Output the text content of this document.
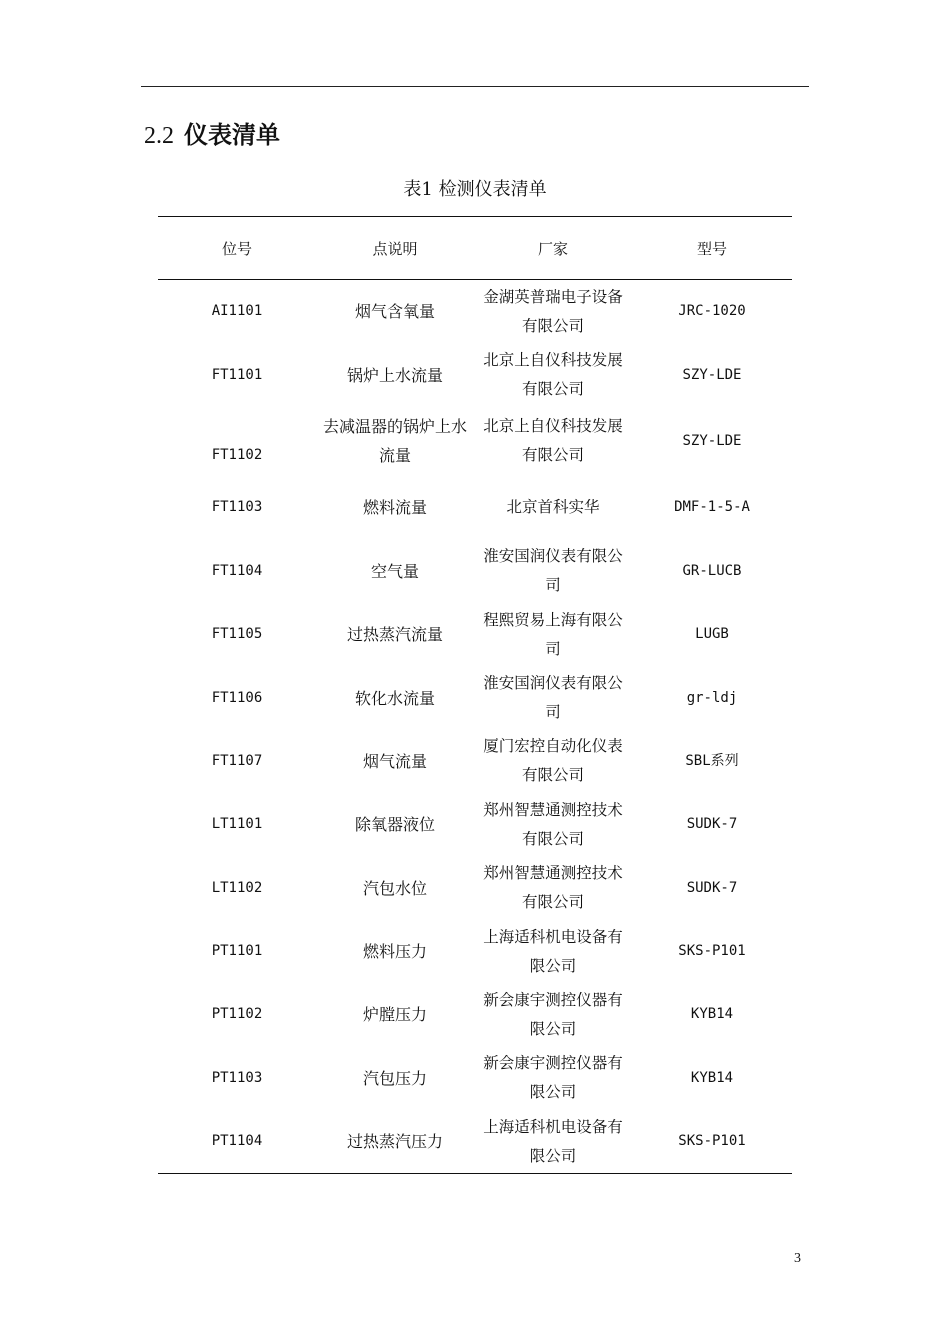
2.2 仪表清单
表1 检测仪表清单
位号	点说明	厂家	型号
AI1101	烟气含氧量	金湖英普瑞电子设备有限公司	JRC-1020
FT1101	锅炉上水流量	北京上自仪科技发展有限公司	SZY-LDE
FT1102	去减温器的锅炉上水流量	北京上自仪科技发展有限公司	SZY-LDE
FT1103	燃料流量	北京首科实华	DMF-1-5-A
FT1104	空气量	淮安国润仪表有限公司	GR-LUCB
FT1105	过热蒸汽流量	程熙贸易上海有限公司	LUGB
FT1106	软化水流量	淮安国润仪表有限公司	gr-ldj
FT1107	烟气流量	厦门宏控自动化仪表有限公司	SBL系列
LT1101	除氧器液位	郑州智慧通测控技术有限公司	SUDK-7
LT1102	汽包水位	郑州智慧通测控技术有限公司	SUDK-7
PT1101	燃料压力	上海适科机电设备有限公司	SKS-P101
PT1102	炉膛压力	新会康宇测控仪器有限公司	KYB14
PT1103	汽包压力	新会康宇测控仪器有限公司	KYB14
PT1104	过热蒸汽压力	上海适科机电设备有限公司	SKS-P101
3
